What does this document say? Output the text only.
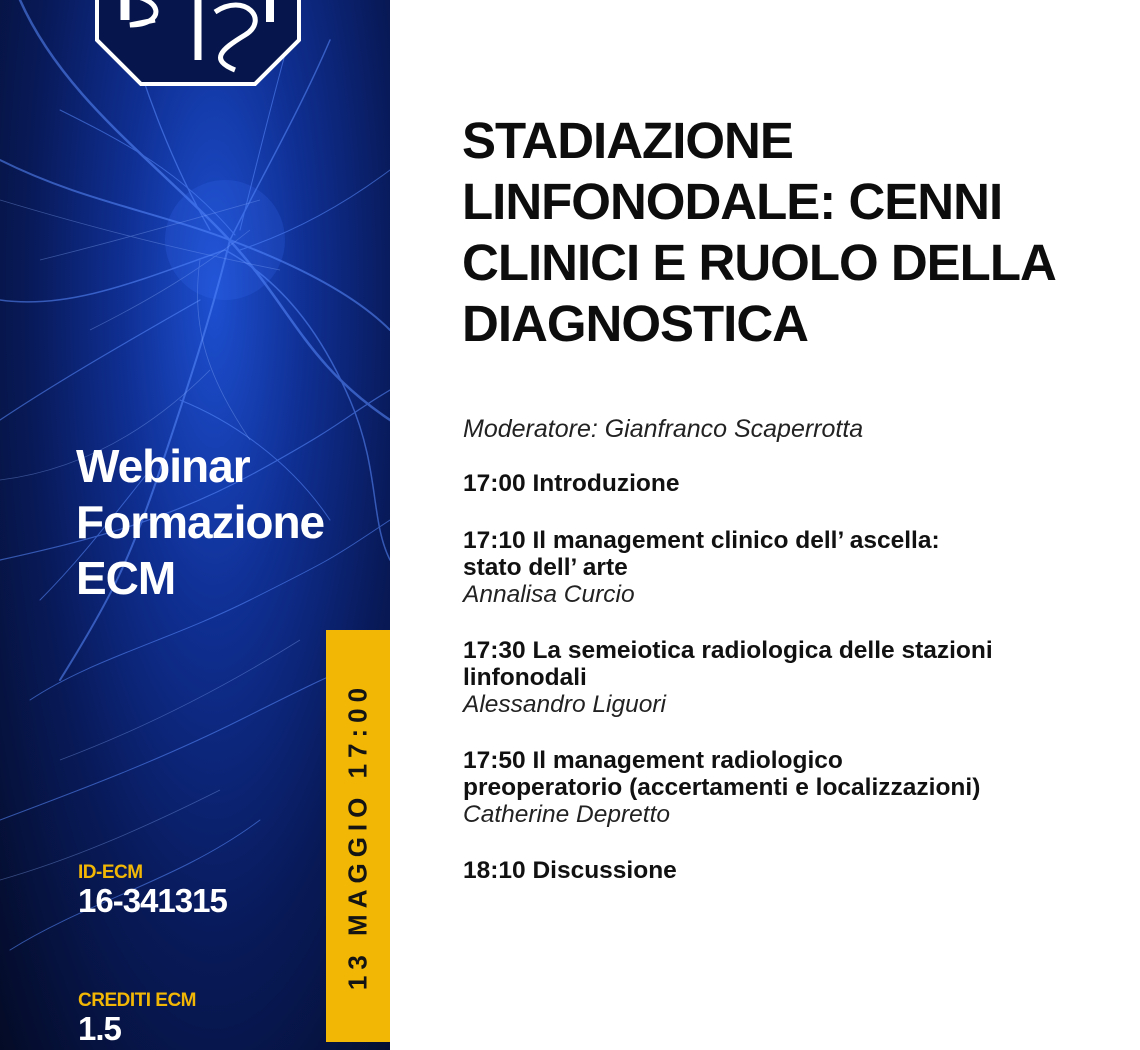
Webinar
Formazione
ECM
ID-ECM
16-341315
CREDITI ECM
1.5
13 MAGGIO 17:00
STADIAZIONE
LINFONODALE: CENNI
CLINICI E RUOLO DELLA
DIAGNOSTICA
Moderatore: Gianfranco Scaperrotta
17:00 Introduzione
17:10 Il management clinico dell’ ascella:
stato dell’ arte
Annalisa Curcio
17:30 La semeiotica radiologica delle stazioni
linfonodali
Alessandro Liguori
17:50 Il management radiologico
preoperatorio (accertamenti e localizzazioni)
Catherine Depretto
18:10 Discussione
